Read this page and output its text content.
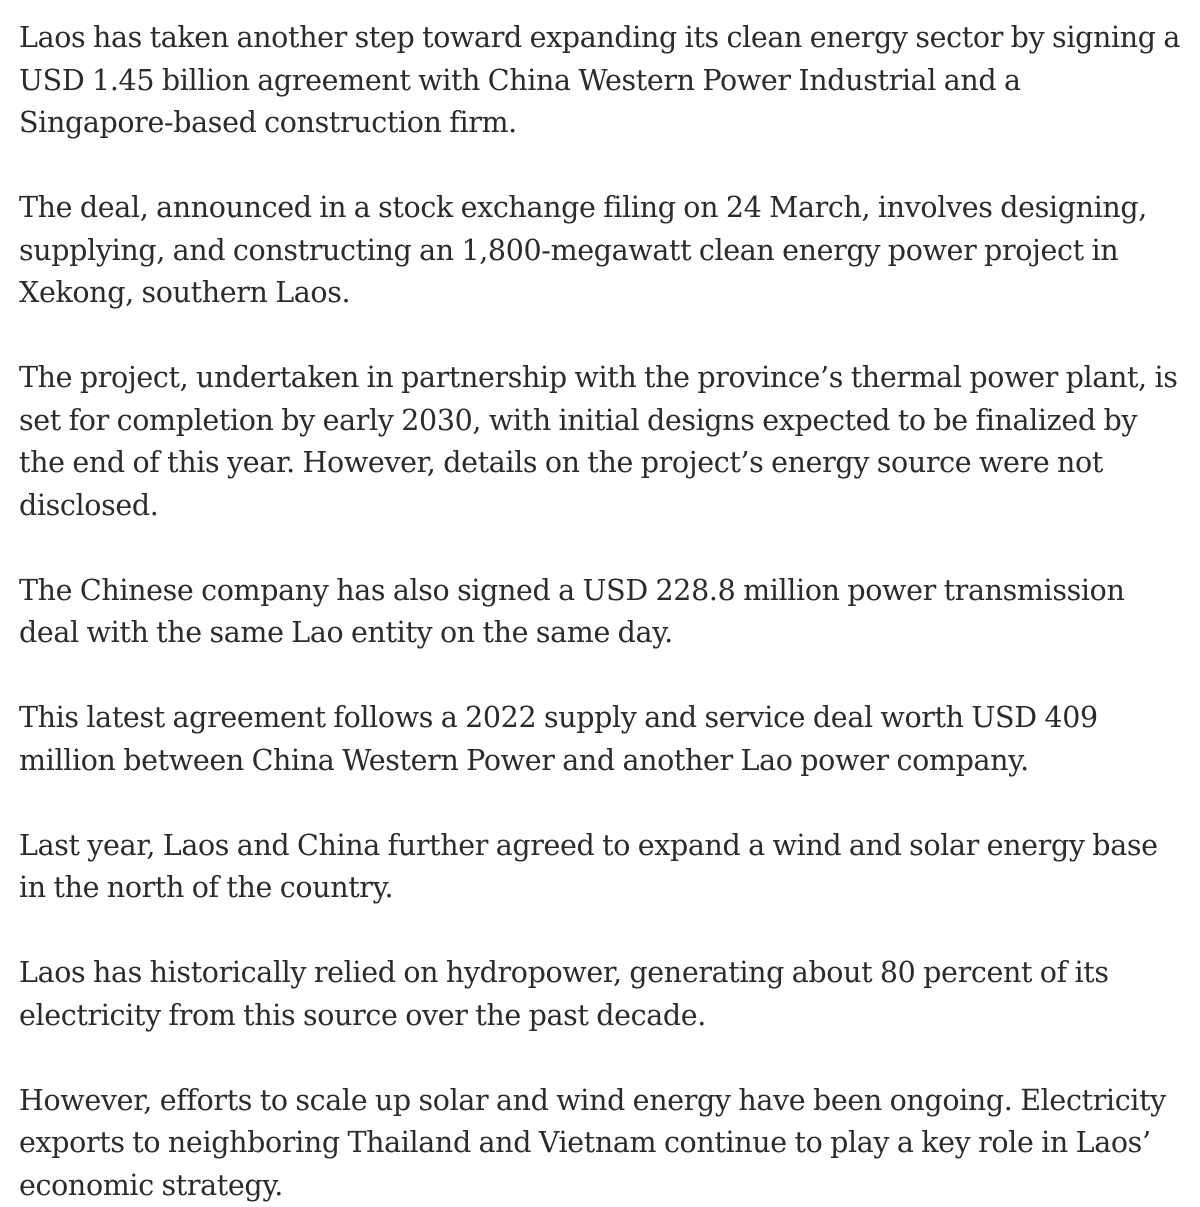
Laos has taken another step toward expanding its clean energy sector by signing a USD 1.45 billion agreement with China Western Power Industrial and a Singapore-based construction firm.

The deal, announced in a stock exchange filing on 24 March, involves designing, supplying, and constructing an 1,800-megawatt clean energy power project in Xekong, southern Laos.

The project, undertaken in partnership with the province’s thermal power plant, is set for completion by early 2030, with initial designs expected to be finalized by the end of this year. However, details on the project’s energy source were not disclosed.

The Chinese company has also signed a USD 228.8 million power transmission deal with the same Lao entity on the same day.

This latest agreement follows a 2022 supply and service deal worth USD 409 million between China Western Power and another Lao power company.

Last year, Laos and China further agreed to expand a wind and solar energy base in the north of the country.

Laos has historically relied on hydropower, generating about 80 percent of its electricity from this source over the past decade.

However, efforts to scale up solar and wind energy have been ongoing. Electricity exports to neighboring Thailand and Vietnam continue to play a key role in Laos’ economic strategy.
